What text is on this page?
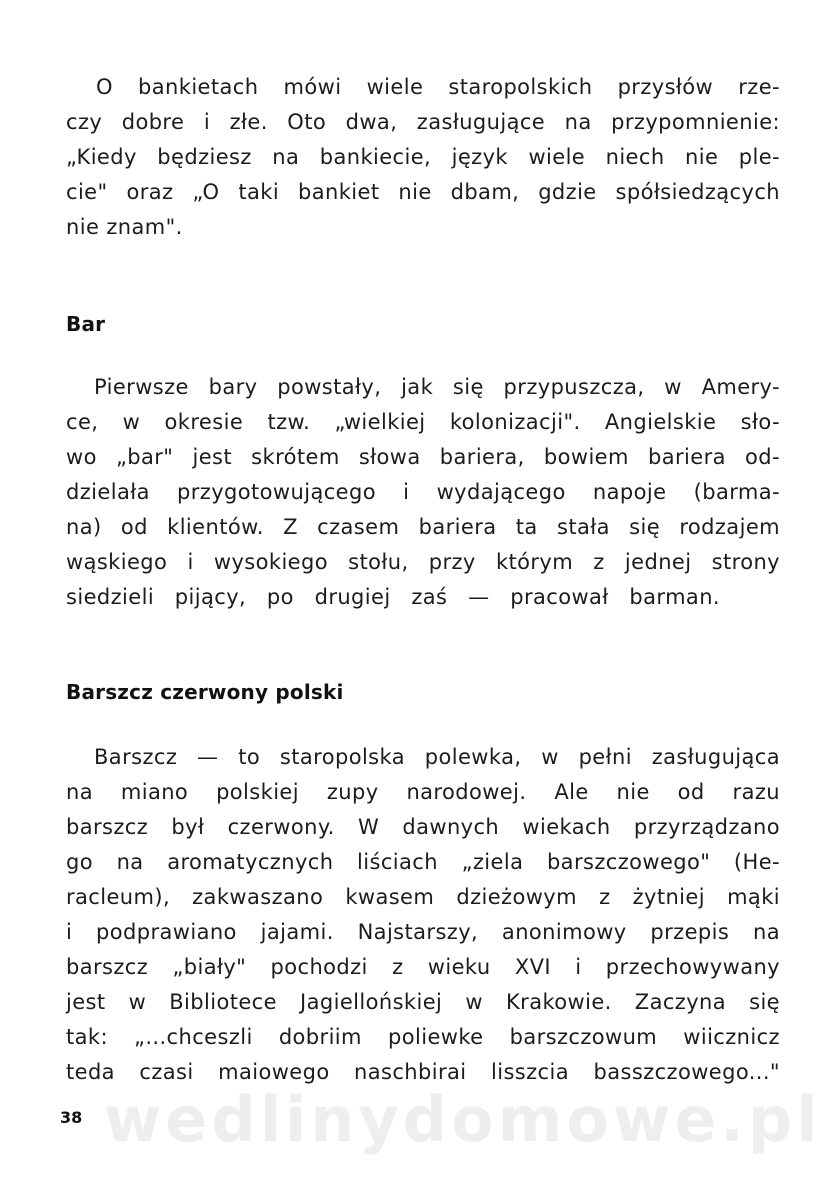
O bankietach mówi wiele staropolskich przysłów rze-
czy dobre i złe. Oto dwa, zasługujące na przypomnienie:
„Kiedy będziesz na bankiecie, język wiele niech nie ple-
cie" oraz „O taki bankiet nie dbam, gdzie spółsiedzących
nie znam".
Bar
Pierwsze bary powstały, jak się przypuszcza, w Amery-
ce, w okresie tzw. „wielkiej kolonizacji". Angielskie sło-
wo „bar" jest skrótem słowa bariera, bowiem bariera od-
dzielała przygotowującego i wydającego napoje (barma-
na) od klientów. Z czasem bariera ta stała się rodzajem
wąskiego i wysokiego stołu, przy którym z jednej strony
siedzieli pijący, po drugiej zaś — pracował barman.
Barszcz czerwony polski
Barszcz — to staropolska polewka, w pełni zasługująca
na miano polskiej zupy narodowej. Ale nie od razu
barszcz był czerwony. W dawnych wiekach przyrządzano
go na aromatycznych liściach „ziela barszczowego" (He-
racleum), zakwaszano kwasem dzieżowym z żytniej mąki
i podprawiano jajami. Najstarszy, anonimowy przepis na
barszcz „biały" pochodzi z wieku XVI i przechowywany
jest w Bibliotece Jagiellońskiej w Krakowie. Zaczyna się
tak: „...chceszli dobriim poliewke barszczowum wiicznicz
teda czasi maiowego naschbirai lisszcia basszczowego..."
wedlinydomowe.pl
38
